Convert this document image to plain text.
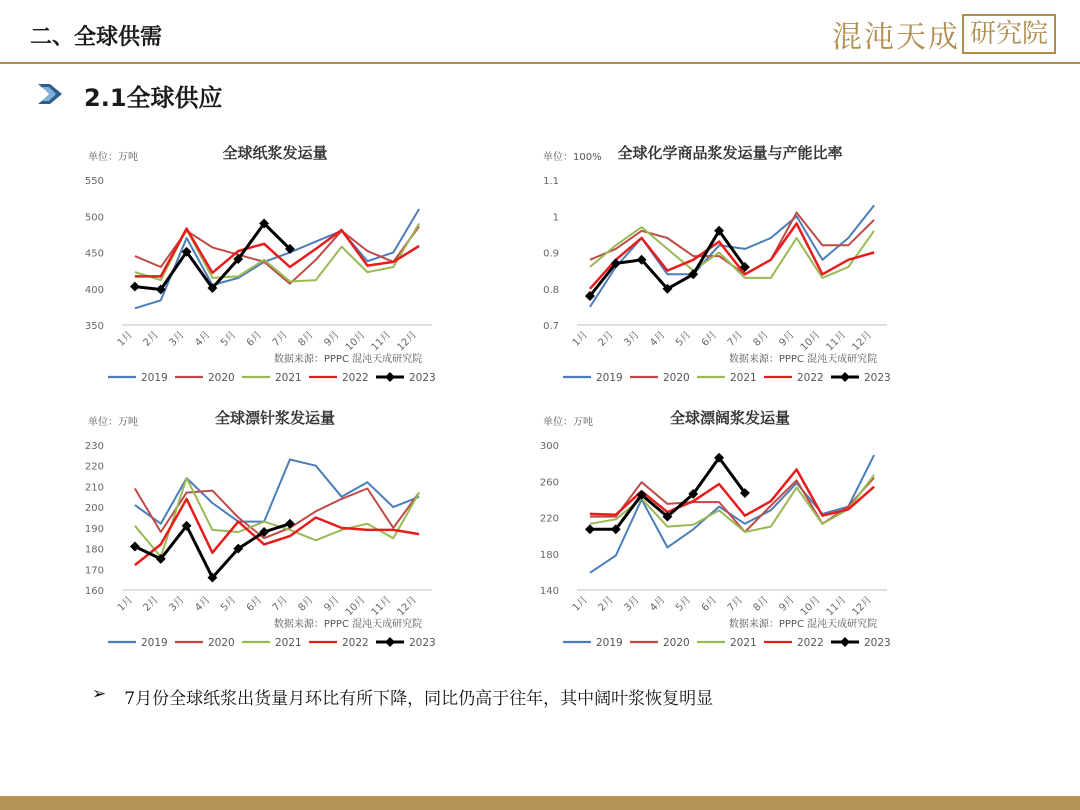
二、全球供需	混沌天成 研究院
2.1全球供应
单位：万吨	全球纸浆发运量
350
400
450
500
550
1月 2月 3月 4月 5月 6月 7月 8月 9月 10月 11月 12月
数据来源：PPPC 混沌天成研究院
2019	2020	2021	2022	2023
单位：100% 全球化学商品浆发运量与产能比率
0.7
0.8
0.9
1
1.1
1月 2月 3月 4月 5月 6月 7月 8月 9月 10月 11月 12月
数据来源：PPPC 混沌天成研究院
2019	2020	2021	2022	2023
单位：万吨	全球漂针浆发运量
160
170
180
190
200
210
220
230
1月 2月 3月 4月 5月 6月 7月 8月 9月 10月 11月 12月
数据来源：PPPC 混沌天成研究院
2019	2020	2021	2022	2023
单位：万吨	全球漂阔浆发运量
140
180
220
260
300
1月 2月 3月 4月 5月 6月 7月 8月 9月 10月 11月 12月
数据来源：PPPC 混沌天成研究院
2019	2020	2021	2022	2023
➢ 7月份全球纸浆出货量月环比有所下降，同比仍高于往年，其中阔叶浆恢复明显
